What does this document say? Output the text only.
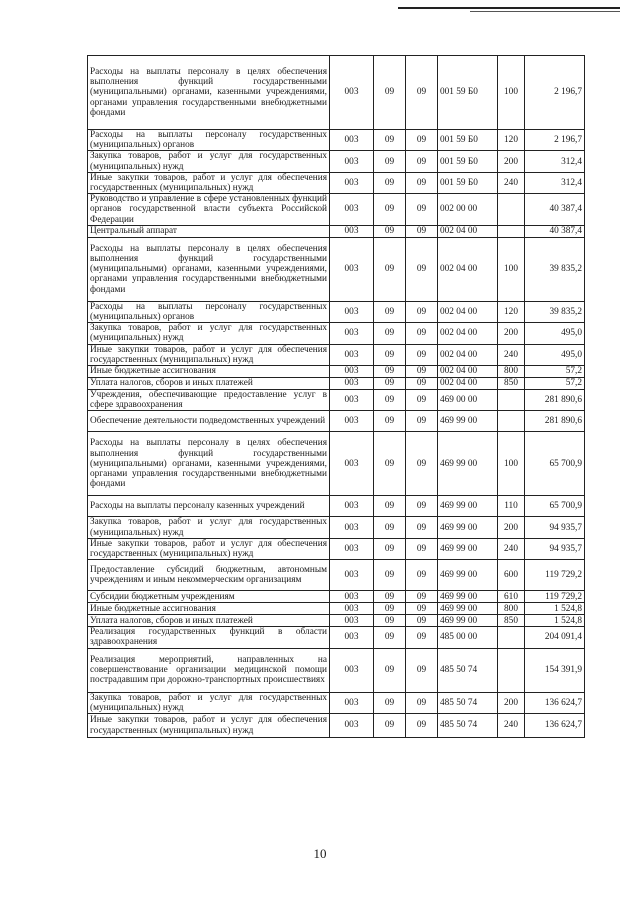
Расходы на выплаты персоналу в целях обеспечения выполнения функций государственными (муниципальными) органами, казенными учреждениями, органами управления государственными внебюджетными фондами	003	09	09	001 59 Б0	100	2 196,7
Расходы на выплаты персоналу государственных (муниципальных) органов	003	09	09	001 59 Б0	120	2 196,7
Закупка товаров, работ и услуг для государственных (муниципальных) нужд	003	09	09	001 59 Б0	200	312,4
Иные закупки товаров, работ и услуг для обеспечения государственных (муниципальных) нужд	003	09	09	001 59 Б0	240	312,4
Руководство и управление в сфере установленных функций органов государственной власти субъекта Российской Федерации	003	09	09	002 00 00		40 387,4
Центральный аппарат	003	09	09	002 04 00		40 387,4
Расходы на выплаты персоналу в целях обеспечения выполнения функций государственными (муниципальными) органами, казенными учреждениями, органами управления государственными внебюджетными фондами	003	09	09	002 04 00	100	39 835,2
Расходы на выплаты персоналу государственных (муниципальных) органов	003	09	09	002 04 00	120	39 835,2
Закупка товаров, работ и услуг для государственных (муниципальных) нужд	003	09	09	002 04 00	200	495,0
Иные закупки товаров, работ и услуг для обеспечения государственных (муниципальных) нужд	003	09	09	002 04 00	240	495,0
Иные бюджетные ассигнования	003	09	09	002 04 00	800	57,2
Уплата налогов, сборов и иных платежей	003	09	09	002 04 00	850	57,2
Учреждения, обеспечивающие предоставление услуг в сфере здравоохранения	003	09	09	469 00 00		281 890,6
Обеспечение деятельности подведомственных учреждений	003	09	09	469 99 00		281 890,6
Расходы на выплаты персоналу в целях обеспечения выполнения функций государственными (муниципальными) органами, казенными учреждениями, органами управления государственными внебюджетными фондами	003	09	09	469 99 00	100	65 700,9
Расходы на выплаты персоналу казенных учреждений	003	09	09	469 99 00	110	65 700,9
Закупка товаров, работ и услуг для государственных (муниципальных) нужд	003	09	09	469 99 00	200	94 935,7
Иные закупки товаров, работ и услуг для обеспечения государственных (муниципальных) нужд	003	09	09	469 99 00	240	94 935,7
Предоставление субсидий бюджетным, автономным учреждениям и иным некоммерческим организациям	003	09	09	469 99 00	600	119 729,2
Субсидии бюджетным учреждениям	003	09	09	469 99 00	610	119 729,2
Иные бюджетные ассигнования	003	09	09	469 99 00	800	1 524,8
Уплата налогов, сборов и иных платежей	003	09	09	469 99 00	850	1 524,8
Реализация государственных функций в области здравоохранения	003	09	09	485 00 00		204 091,4
Реализация мероприятий, направленных на совершенствование организации медицинской помощи пострадавшим при дорожно-транспортных происшествиях	003	09	09	485 50 74		154 391,9
Закупка товаров, работ и услуг для государственных (муниципальных) нужд	003	09	09	485 50 74	200	136 624,7
Иные закупки товаров, работ и услуг для обеспечения государственных (муниципальных) нужд	003	09	09	485 50 74	240	136 624,7
10
